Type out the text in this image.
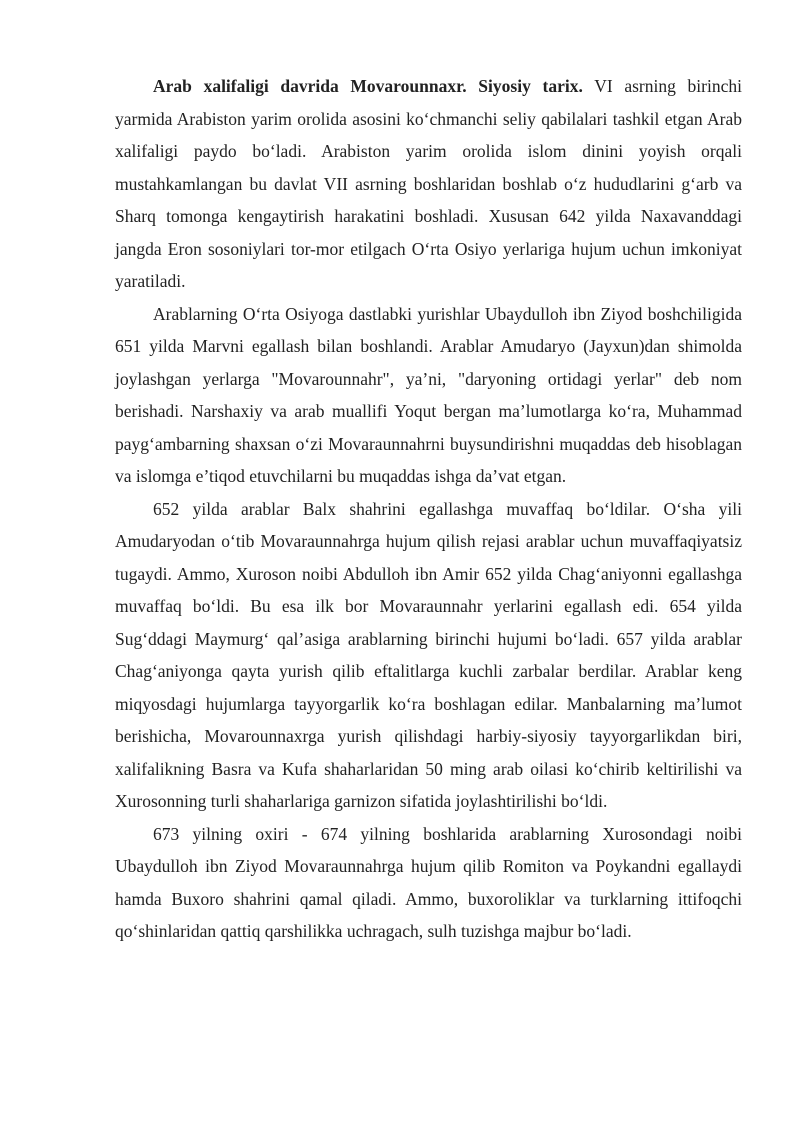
Arab xalifaligi davrida Movarounnaxr. Siyosiy tarix. VI asrning birinchi yarmida Arabiston yarim orolida asosini ko‘chmanchi seliy qabilalari tashkil etgan Arab xalifaligi paydo bo‘ladi. Arabiston yarim orolida islom dinini yoyish orqali mustahkamlangan bu davlat VII asrning boshlaridan boshlab o‘z hududlarini g‘arb va Sharq tomonga kengaytirish harakatini boshladi. Xususan 642 yilda Naxavanddagi jangda Eron sosoniylari tor-mor etilgach O‘rta Osiyo yerlariga hujum uchun imkoniyat yaratiladi.

Arablarning O‘rta Osiyoga dastlabki yurishlar Ubaydulloh ibn Ziyod boshchiligida 651 yilda Marvni egallash bilan boshlandi. Arablar Amudaryo (Jayxun)dan shimolda joylashgan yerlarga "Movarounnahr", ya’ni, "daryoning ortidagi yerlar" deb nom berishadi. Narshaxiy va arab muallifi Yoqut bergan ma’lumotlarga ko‘ra, Muhammad payg‘ambarning shaxsan o‘zi Movaraunnahrni buysundirishni muqaddas deb hisoblagan va islomga e’tiqod etuvchilarni bu muqaddas ishga da’vat etgan.

652 yilda arablar Balx shahrini egallashga muvaffaq bo‘ldilar. O‘sha yili Amudaryodan o‘tib Movaraunnahrga hujum qilish rejasi arablar uchun muvaffaqiyatsiz tugaydi. Ammo, Xuroson noibi Abdulloh ibn Amir 652 yilda Chag‘aniyonni egallashga muvaffaq bo‘ldi. Bu esa ilk bor Movaraunnahr yerlarini egallash edi. 654 yilda Sug‘ddagi Maymurg‘ qal’asiga arablarning birinchi hujumi bo‘ladi. 657 yilda arablar Chag‘aniyonga qayta yurish qilib eftalitlarga kuchli zarbalar berdilar. Arablar keng miqyosdagi hujumlarga tayyorgarlik ko‘ra boshlagan edilar. Manbalarning ma’lumot berishicha, Movarounnaxrga yurish qilishdagi harbiy-siyosiy tayyorgarlikdan biri, xalifalikning Basra va Kufa shaharlaridan 50 ming arab oilasi ko‘chirib keltirilishi va Xurosonning turli shaharlariga garnizon sifatida joylashtirilishi bo‘ldi.

673 yilning oxiri - 674 yilning boshlarida arablarning Xurosondagi noibi Ubaydulloh ibn Ziyod Movaraunnahrga hujum qilib Romiton va Poykandni egallaydi hamda Buxoro shahrini qamal qiladi. Ammo, buxoroliklar va turklarning ittifoqchi qo‘shinlaridan qattiq qarshilikka uchragach, sulh tuzishga majbur bo‘ladi.
